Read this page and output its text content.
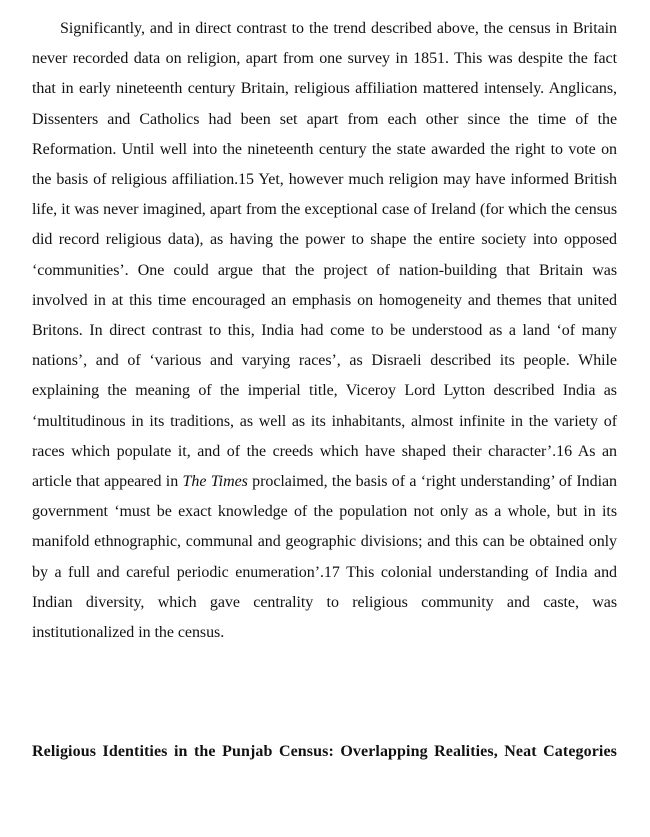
Significantly, and in direct contrast to the trend described above, the census in Britain never recorded data on religion, apart from one survey in 1851. This was despite the fact that in early nineteenth century Britain, religious affiliation mattered intensely. Anglicans, Dissenters and Catholics had been set apart from each other since the time of the Reformation. Until well into the nineteenth century the state awarded the right to vote on the basis of religious affiliation.15 Yet, however much religion may have informed British life, it was never imagined, apart from the exceptional case of Ireland (for which the census did record religious data), as having the power to shape the entire society into opposed ‘communities’. One could argue that the project of nation-building that Britain was involved in at this time encouraged an emphasis on homogeneity and themes that united Britons. In direct contrast to this, India had come to be understood as a land ‘of many nations’, and of ‘various and varying races’, as Disraeli described its people. While explaining the meaning of the imperial title, Viceroy Lord Lytton described India as ‘multitudinous in its traditions, as well as its inhabitants, almost infinite in the variety of races which populate it, and of the creeds which have shaped their character’.16 As an article that appeared in The Times proclaimed, the basis of a ‘right understanding’ of Indian government ‘must be exact knowledge of the population not only as a whole, but in its manifold ethnographic, communal and geographic divisions; and this can be obtained only by a full and careful periodic enumeration’.17 This colonial understanding of India and Indian diversity, which gave centrality to religious community and caste, was institutionalized in the census.

Religious Identities in the Punjab Census: Overlapping Realities, Neat Categories
